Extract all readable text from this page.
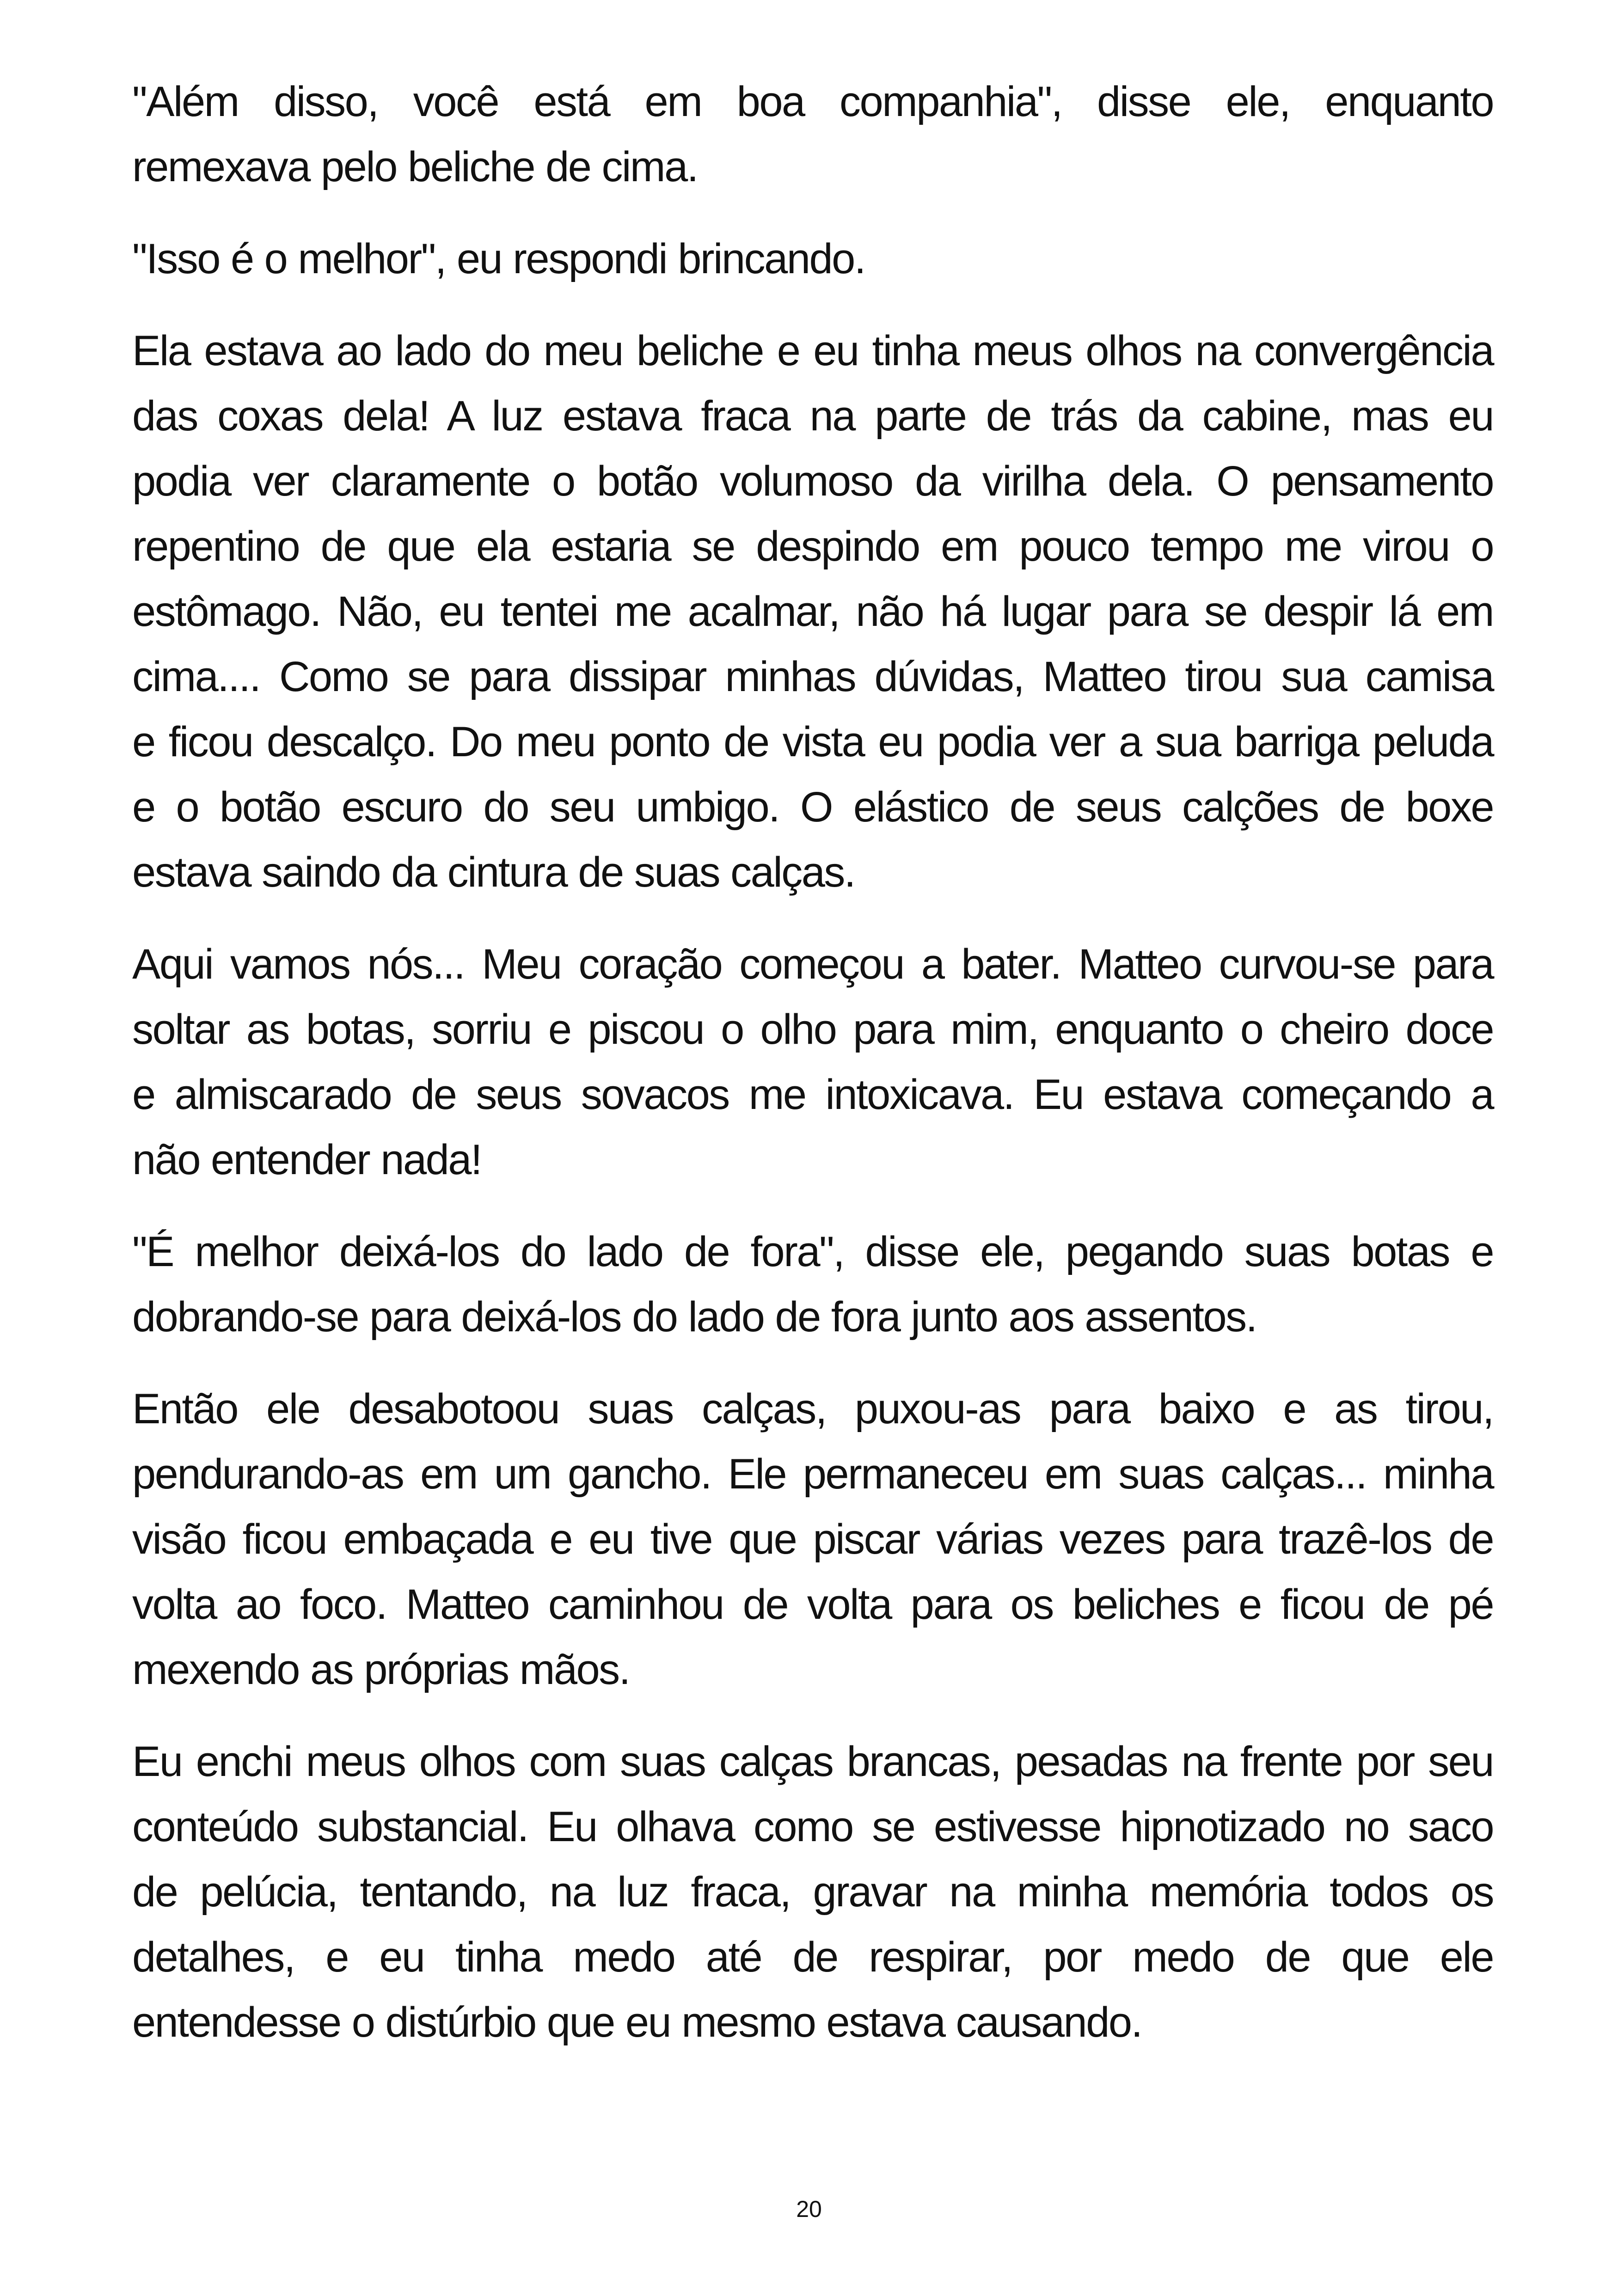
"Além disso, você está em boa companhia", disse ele, enquanto
remexava pelo beliche de cima.
"Isso é o melhor", eu respondi brincando.
Ela estava ao lado do meu beliche e eu tinha meus olhos na convergência
das coxas dela! A luz estava fraca na parte de trás da cabine, mas eu
podia ver claramente o botão volumoso da virilha dela. O pensamento
repentino de que ela estaria se despindo em pouco tempo me virou o
estômago. Não, eu tentei me acalmar, não há lugar para se despir lá em
cima.... Como se para dissipar minhas dúvidas, Matteo tirou sua camisa
e ficou descalço. Do meu ponto de vista eu podia ver a sua barriga peluda
e o botão escuro do seu umbigo. O elástico de seus calções de boxe
estava saindo da cintura de suas calças.
Aqui vamos nós... Meu coração começou a bater. Matteo curvou-se para
soltar as botas, sorriu e piscou o olho para mim, enquanto o cheiro doce
e almiscarado de seus sovacos me intoxicava. Eu estava começando a
não entender nada!
"É melhor deixá-los do lado de fora", disse ele, pegando suas botas e
dobrando-se para deixá-los do lado de fora junto aos assentos.
Então ele desabotoou suas calças, puxou-as para baixo e as tirou,
pendurando-as em um gancho. Ele permaneceu em suas calças... minha
visão ficou embaçada e eu tive que piscar várias vezes para trazê-los de
volta ao foco. Matteo caminhou de volta para os beliches e ficou de pé
mexendo as próprias mãos.
Eu enchi meus olhos com suas calças brancas, pesadas na frente por seu
conteúdo substancial. Eu olhava como se estivesse hipnotizado no saco
de pelúcia, tentando, na luz fraca, gravar na minha memória todos os
detalhes, e eu tinha medo até de respirar, por medo de que ele
entendesse o distúrbio que eu mesmo estava causando.
20
